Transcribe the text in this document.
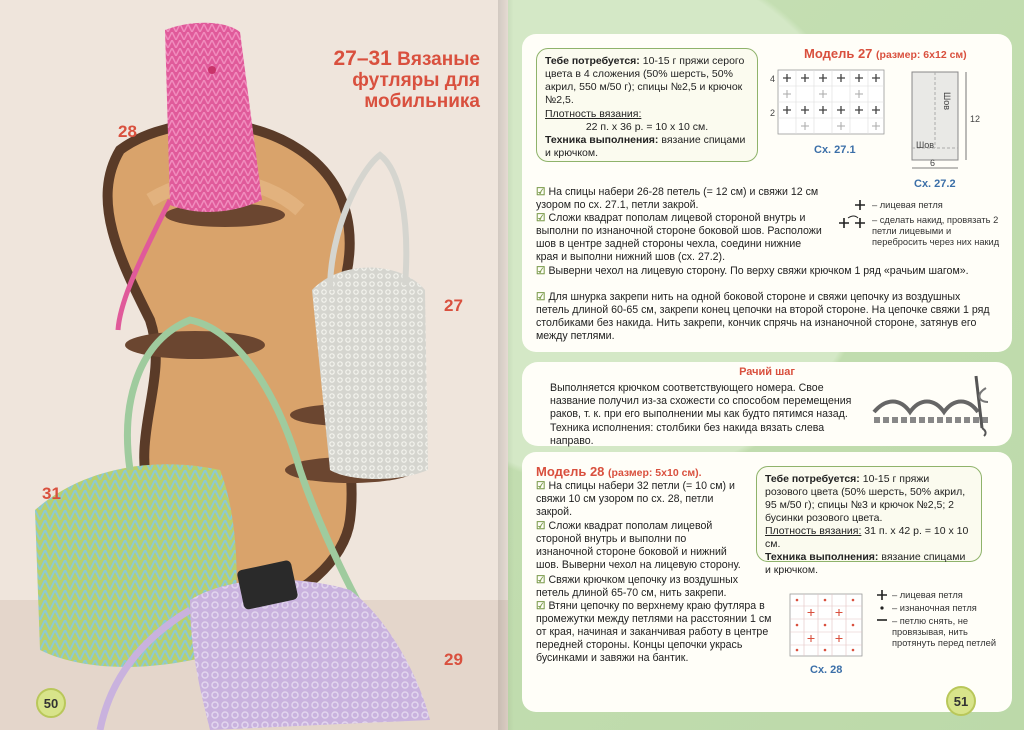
27–31 Вязаные футляры для мобильника
28
27
31
29
50
Тебе потребуется: 10-15 г пряжи серого цвета в 4 сложения (50% шерсть, 50% акрил, 550 м/50 г); спицы №2,5 и крючок №2,5.
Плотность вязания:
22 п. x 36 р. = 10 x 10 см.
Техника выполнения: вязание спицами и крючком.
Модель 27 (размер: 6x12 см)
4
2
Сх. 27.1
Шов
Шов
12
6
Сх. 27.2
☑ На спицы набери 26-28 петель (= 12 см) и свяжи 12 см узором по сх. 27.1, петли закрой.
☑ Сложи квадрат пополам лицевой стороной внутрь и выполни по изнаночной стороне боковой шов. Расположи шов в центре задней стороны чехла, соедини нижние края и выполни нижний шов (сх. 27.2).
☑ Выверни чехол на лицевую сторону. По верху свяжи крючком 1 ряд «рачьим шагом».
☑ Для шнурка закрепи нить на одной боковой стороне и свяжи цепочку из воздушных петель длиной 60-65 см, закрепи конец цепочки на второй стороне. На цепочке свяжи 1 ряд столбиками без накида. Нить закрепи, кончик спрячь на изнаночной стороне, затянув его между петлями.
– лицевая петля
– сделать накид, провязать 2 петли лицевыми и перебросить через них накид
Рачий шаг
Выполняется крючком соответствующего номера. Свое название получил из-за схожести со способом перемещения раков, т. к. при его выполнении мы как будто пятимся назад. Техника исполнения: столбики без накида вязать слева направо.
Модель 28 (размер: 5x10 см).
☑ На спицы набери 32 петли (= 10 см) и свяжи 10 см узором по сх. 28, петли закрой.
☑ Сложи квадрат пополам лицевой стороной внутрь и выполни по изнаночной стороне боковой и нижний шов. Выверни чехол на лицевую сторону.
☑ Свяжи крючком цепочку из воздушных петель длиной 65-70 см, нить закрепи.
☑ Втяни цепочку по верхнему краю футляра в промежутки между петлями на расстоянии 1 см от края, начиная и заканчивая работу в центре передней стороны. Концы цепочки укрась бусинками и завяжи на бантик.
Тебе потребуется: 10-15 г пряжи розового цвета (50% шерсть, 50% акрил, 95 м/50 г); спицы №3 и крючок №2,5; 2 бусинки розового цвета.
Плотность вязания: 31 п. x 42 р. = 10 x 10 см.
Техника выполнения: вязание спицами и крючком.
Сх. 28
– лицевая петля
– изнаночная петля
– петлю снять, не провязывая, нить протянуть перед петлей
51
